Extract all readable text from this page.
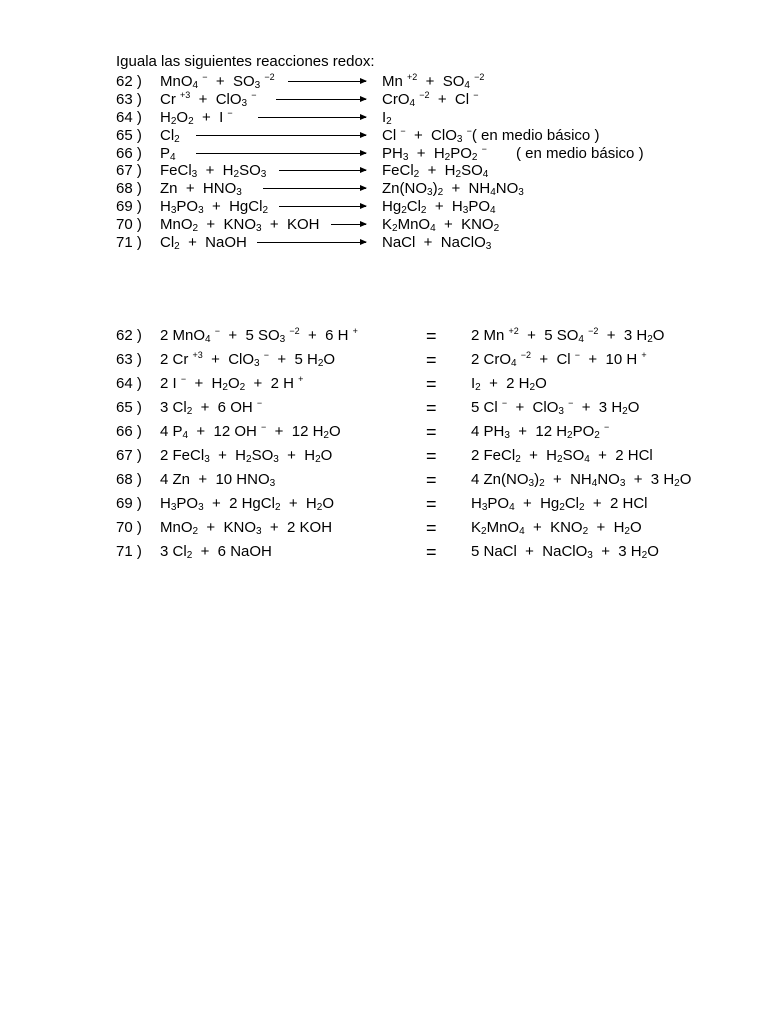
Iguala las siguientes reacciones redox:
62 ) MnO$_4$ $^- + SO_3$ $^{-2}$	Mn $^{+2} + SO_4$ $^{-2}$
63 ) Cr $^{+3}$  +  ClO$_3$ −	CrO$_4$ $^{-2}$  +  Cl −
64 ) $H_2O_2 + I$ −	$I_2$
65 ) $Cl_2$	Cl −  +  ClO$_3$ −( en medio básico )
66 ) $P_4$	$PH_3 + H_2PO_2$ − ( en medio básico )
67 ) FeCl$_3$  +  $H_2SO_3$	FeCl$_2$  +  $H_2SO_4$
68 ) $Zn + HNO_3$	$Zn(NO_3)_2 + NH_4NO_3$
69 ) $H_3PO_3$  +  HgCl$_2$	$Hg_2Cl_2 + H_3PO_4$
70 ) $MnO_2 + KNO_3$  +  KOH → $K_2MnO_4 + KNO_2$
71 ) $Cl_2$  +  NaOH	NaCl  +  NaClO$_3$
62 ) 2 MnO$_4$ −  +  5 $SO_3$ $^{-2}$  +  6 H +	= 2 Mn $^{+2}$  +  5 $SO_4$ $^{-2}$  +  3 $H_2O$
63 ) 2 Cr $^{+3}$  +  ClO$_3$ −  +  5 $H_2O$	= 2 CrO$_4$ $^{-2}$  +  Cl −  +  10 H +
64 ) 2 I $^- + H_2O_2 + 2$ H +	= $I_2 + 2$ $H_2O$
65 ) 3 $Cl_2 + 6$ OH −	= 5 Cl −  +  ClO$_3$ −  +  3 $H_2O$
66 ) 4 $P_4 + 12$ OH −  +  12 $H_2O$	= 4 $PH_3 + 12$ $H_2PO_2$ −
67 ) 2 FeCl$_3$  +  $H_2SO_3 + H_2O$	= 2 FeCl$_2$  +  $H_2SO_4 + 2$ HCl
68 ) 4 Zn  +  10 $HNO_3$	= 4 $Zn(NO_3)_2 + NH_4NO_3 + 3$ $H_2O$
69 ) $H_3PO_3 + 2$ HgCl$_2$  +  $H_2O$	= $H_3PO_4 + Hg_2Cl_2 + 2$ HCl
70 ) $MnO_2 + KNO_3 + 2$ KOH	= $K_2MnO_4 + KNO_2 + H_2O$
71 ) 3 $Cl_2 + 6$ NaOH	= 5 NaCl  +  NaClO$_3$  +  3 $H_2O$
